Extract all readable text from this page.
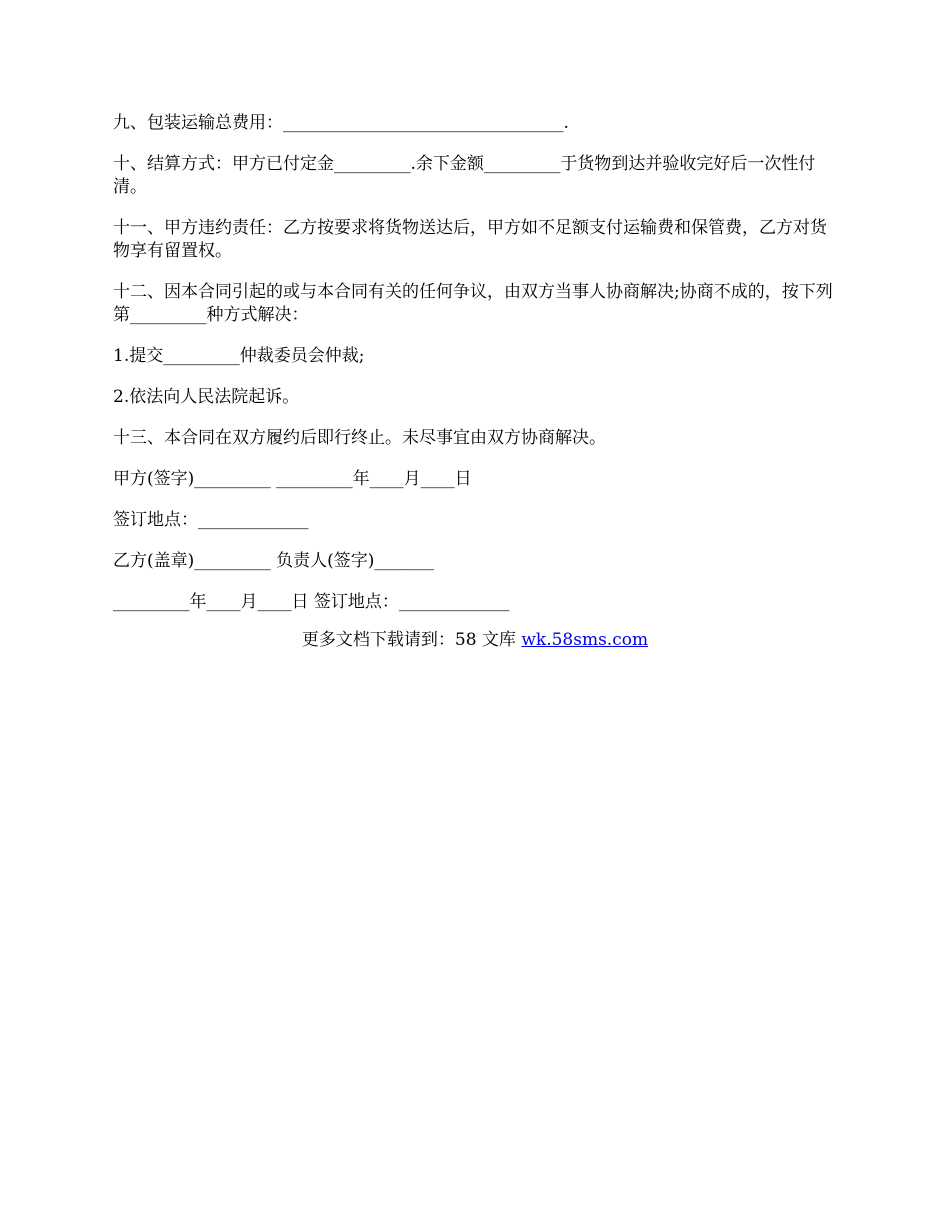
九、包装运输总费用：_________________________________.

十、结算方式：甲方已付定金_________.余下金额_________于货物到达并验收完好后一次性付清。

十一、甲方违约责任：乙方按要求将货物送达后，甲方如不足额支付运输费和保管费，乙方对货物享有留置权。

十二、因本合同引起的或与本合同有关的任何争议，由双方当事人协商解决;协商不成的，按下列第_________种方式解决：

1.提交_________仲裁委员会仲裁;

2.依法向人民法院起诉。

十三、本合同在双方履约后即行终止。未尽事宜由双方协商解决。

甲方(签字)_________ _________年____月____日

签订地点：_____________

乙方(盖章)_________ 负责人(签字)_______

_________年____月____日 签订地点：_____________

更多文档下载请到：58 文库 wk.58sms.com
